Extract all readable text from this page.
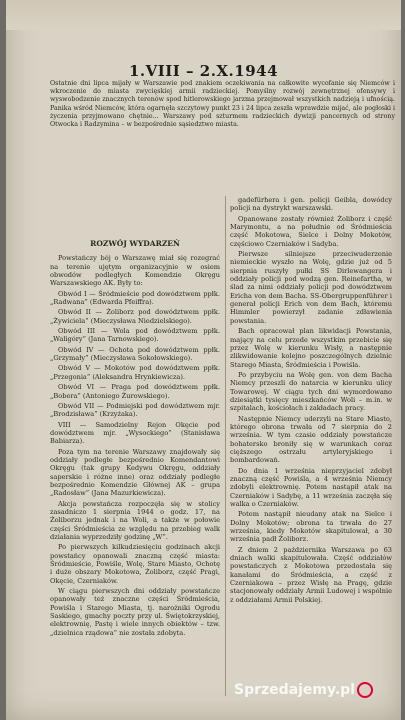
1.VIII – 2.X.1944
Ostatnie dni lipca mijały w Warszawie pod znakiem oczekiwania na całkowite wycofanie się Niemców i wkroczenie do miasta zwycięskiej armii radzieckiej. Pomyślny rozwój zewnętrznej ofensywy i wyswobodzenie znacznych terenów spod hitlerowskiego jarzma przejmował wszystkich nadzieją i ufnością. Panika wśród Niemców, która ogarnęła szczytowy punkt 23 i 24 lipca zeszła wprawdzie mijać, ale pogłoski i życzenia przyjmowano chętnie... Warszawy pod szturmem radzieckich dywizji pancernych od strony Otwocka i Radzymina – w bezpośrednie sąsiedztwo miasta.
ROZWÓJ WYDARZEŃ

Powstańczy bój o Warszawę miał się rozegrać na terenie ujętym organizacyjnie w osiem obwodów podległych Komendzie Okręgu Warszawskiego AK. Były to:

Obwód I — Śródmieście pod dowództwem ppłk. „Radwana” (Edwarda Pfeiffra).

Obwód II — Żoliborz pod dowództwem ppłk. „Żywiciela” (Mieczysława Niedzielskiego).

Obwód III — Wola pod dowództwem ppłk. „Waligóry” (Jana Tarnowskiego).

Obwód IV — Ochota pod dowództwem ppłk. „Grzymały” (Mieczysława Sokołowskiego).

Obwód V — Mokotów pod dowództwem ppłk. „Przegonia” (Aleksandra Hrynkiewicza).

Obwód VI — Praga pod dowództwem ppłk. „Bobera” (Antoniego Żurowskiego).

Obwód VII — Podmiejski pod dowództwem mjr. „Brodzisława” (Krzyżaka).

VIII — Samodzielny Rejon Okęcie pod dowództwem mjr. „Wysockiego” (Stanisława Babiarza).

Poza tym na terenie Warszawy znajdowały się oddziały podległe bezpośrednio Komendantowi Okręgu (tak grupy Kedywu Okręgu, oddziały saperskie i różne inne) oraz oddziały podległe bezpośrednio Komendzie Głównej AK – grupa „Radosław” (Jana Mazurkiewicza).

Akcja powstańcza rozpoczęła się w stolicy zasadniczo 1 sierpnia 1944 o godz. 17, na Żoliborzu jednak i na Woli, a także w połowie części Śródmieścia ze względu na przebieg walk działania wyprzedziły godzinę „W”.

Po pierwszych kilkudziesięciu godzinach akcji powstańcy opanowali znaczną część miasta: Śródmieście, Powiśle, Wolę, Stare Miasto, Ochotę i duże obszary Mokotowa, Żoliborz, część Pragi, Okęcie, Czerniaków.

W ciągu pierwszych dni oddziały powstańcze opanowały też znaczne części Śródmieścia, Powiśla i Starego Miasta, tj. narożniki Ogrodu Saskiego, gmachy poczty przy ul. Świętokrzyskiej, elektrownię, Pastę i wiele innych obiektów – tzw. „dzielnica rządowa” nie została zdobyta.

gadefürhera i gen. policji Geibla, dowódcy policji na dystrykt warszawski.

Opanowane zostały również Żoliborz i część Marymontu, a na południe od Śródmieścia część Mokotowa, Sielce i Dolny Mokotów, częściowo Czerniaków i Sadyba.

Pierwsze silniejsze przeciwuderzenie niemieckie wyszło na Wolę, gdzie już od 5 sierpnia ruszyły pułki SS Dirlewangera i oddziały policji pod wodzą gen. Reinefartha, w ślad za nimi oddziały policji pod dowództwem Ericha von dem Bacha. SS-Obergruppenführer i generał policji Erich von dem Bach, któremu Himmler powierzył zadanie zdławienia powstania.

Bach opracował plan likwidacji Powstania, mający na celu przede wszystkim przebicie się przez Wolę w kierunku Wisły, a następnie zlikwidowanie kolejno poszczególnych dzielnic Starego Miasta, Śródmieścia i Powiśla.

Po przybyciu na Wolę gen. von dem Bacha Niemcy przeszli do natarcia w kierunku ulicy Towarowej. W ciągu tych dni wymordowano dziesiątki tysięcy mieszkańców Woli – m.in. w szpitalach, kościołach i zakładach pracy.

Następnie Niemcy uderzyli na Stare Miasto, którego obrona trwała od 7 sierpnia do 2 września. W tym czasie oddziały powstańcze bohatersko broniły się w warunkach coraz cięższego ostrzału artyleryjskiego i bombardowań.

Do dnia 1 września nieprzyjaciel zdobył znaczną część Powiśla, a 4 września Niemcy zdobyli elektrownię. Potem nastąpił atak na Czerniaków i Sadybę, a 11 września zaczęła się walka o Czerniaków.

Potem nastąpił nieudany atak na Sielce i Dolny Mokotów; obrona ta trwała do 27 września, kiedy Mokotów skapitulował, a 30 września padł Żoliborz.

Z dniem 2 października Warszawa po 63 dniach walki skapitulowała. Część oddziałów powstańczych z Mokotowa przedostała się kanałami do Śródmieścia, a część z Czerniakowa – przez Wisłę na Pragę, gdzie stacjonowały oddziały Armii Ludowej i wspólnie z oddziałami Armii Polskiej.

Sprzedajemy.pl
